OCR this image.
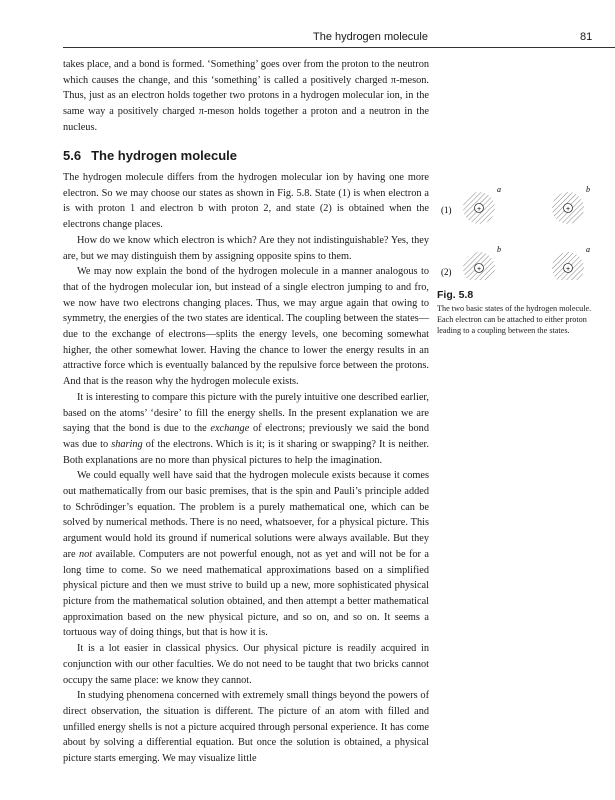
The hydrogen molecule	81

takes place, and a bond is formed. ‘Something’ goes over from the proton to the neutron which causes the change, and this ‘something’ is called a positively charged π-meson. Thus, just as an electron holds together two protons in a hydrogen molecular ion, in the same way a positively charged π-meson holds together a proton and a neutron in the nucleus.

5.6 The hydrogen molecule

The hydrogen molecule differs from the hydrogen molecular ion by having one more electron. So we may choose our states as shown in Fig. 5.8. State (1) is when electron a is with proton 1 and electron b with proton 2, and state (2) is obtained when the electrons change places.

How do we know which electron is which? Are they not indistinguishable? Yes, they are, but we may distinguish them by assigning opposite spins to them.

We may now explain the bond of the hydrogen molecule in a manner analogous to that of the hydrogen molecular ion, but instead of a single electron jumping to and fro, we now have two electrons changing places. Thus, we may argue again that owing to symmetry, the energies of the two states are identical. The coupling between the states—due to the exchange of electrons—splits the energy levels, one becoming somewhat higher, the other somewhat lower. Having the chance to lower the energy results in an attractive force which is eventually balanced by the repulsive force between the protons. And that is the reason why the hydrogen molecule exists.

It is interesting to compare this picture with the purely intuitive one described earlier, based on the atoms’ ‘desire’ to fill the energy shells. In the present explanation we are saying that the bond is due to the exchange of electrons; previously we said the bond was due to sharing of the electrons. Which is it; is it sharing or swapping? It is neither. Both explanations are no more than physical pictures to help the imagination.

We could equally well have said that the hydrogen molecule exists because it comes out mathematically from our basic premises, that is the spin and Pauli’s principle added to Schrödinger’s equation. The problem is a purely mathematical one, which can be solved by numerical methods. There is no need, whatsoever, for a physical picture. This argument would hold its ground if numerical solutions were always available. But they are not available. Computers are not powerful enough, not as yet and will not be for a long time to come. So we need mathematical approximations based on a simplified physical picture and then we must strive to build up a new, more sophisticated physical picture from the mathematical solution obtained, and then attempt a better mathematical approximation based on the new physical picture, and so on, and so on. It seems a tortuous way of doing things, but that is how it is.

It is a lot easier in classical physics. Our physical picture is readily acquired in conjunction with our other faculties. We do not need to be taught that two bricks cannot occupy the same place: we know they cannot.

In studying phenomena concerned with extremely small things beyond the powers of direct observation, the situation is different. The picture of an atom with filled and unfilled energy shells is not a picture acquired through personal experience. It has come about by solving a differential equation. But once the solution is obtained, a physical picture starts emerging. We may visualize little

(1)
(2)
+
a
+
b
+
b
+
a
Fig. 5.8
The two basic states of the hydrogen molecule. Each electron can be attached to either proton leading to a coupling between the states.
